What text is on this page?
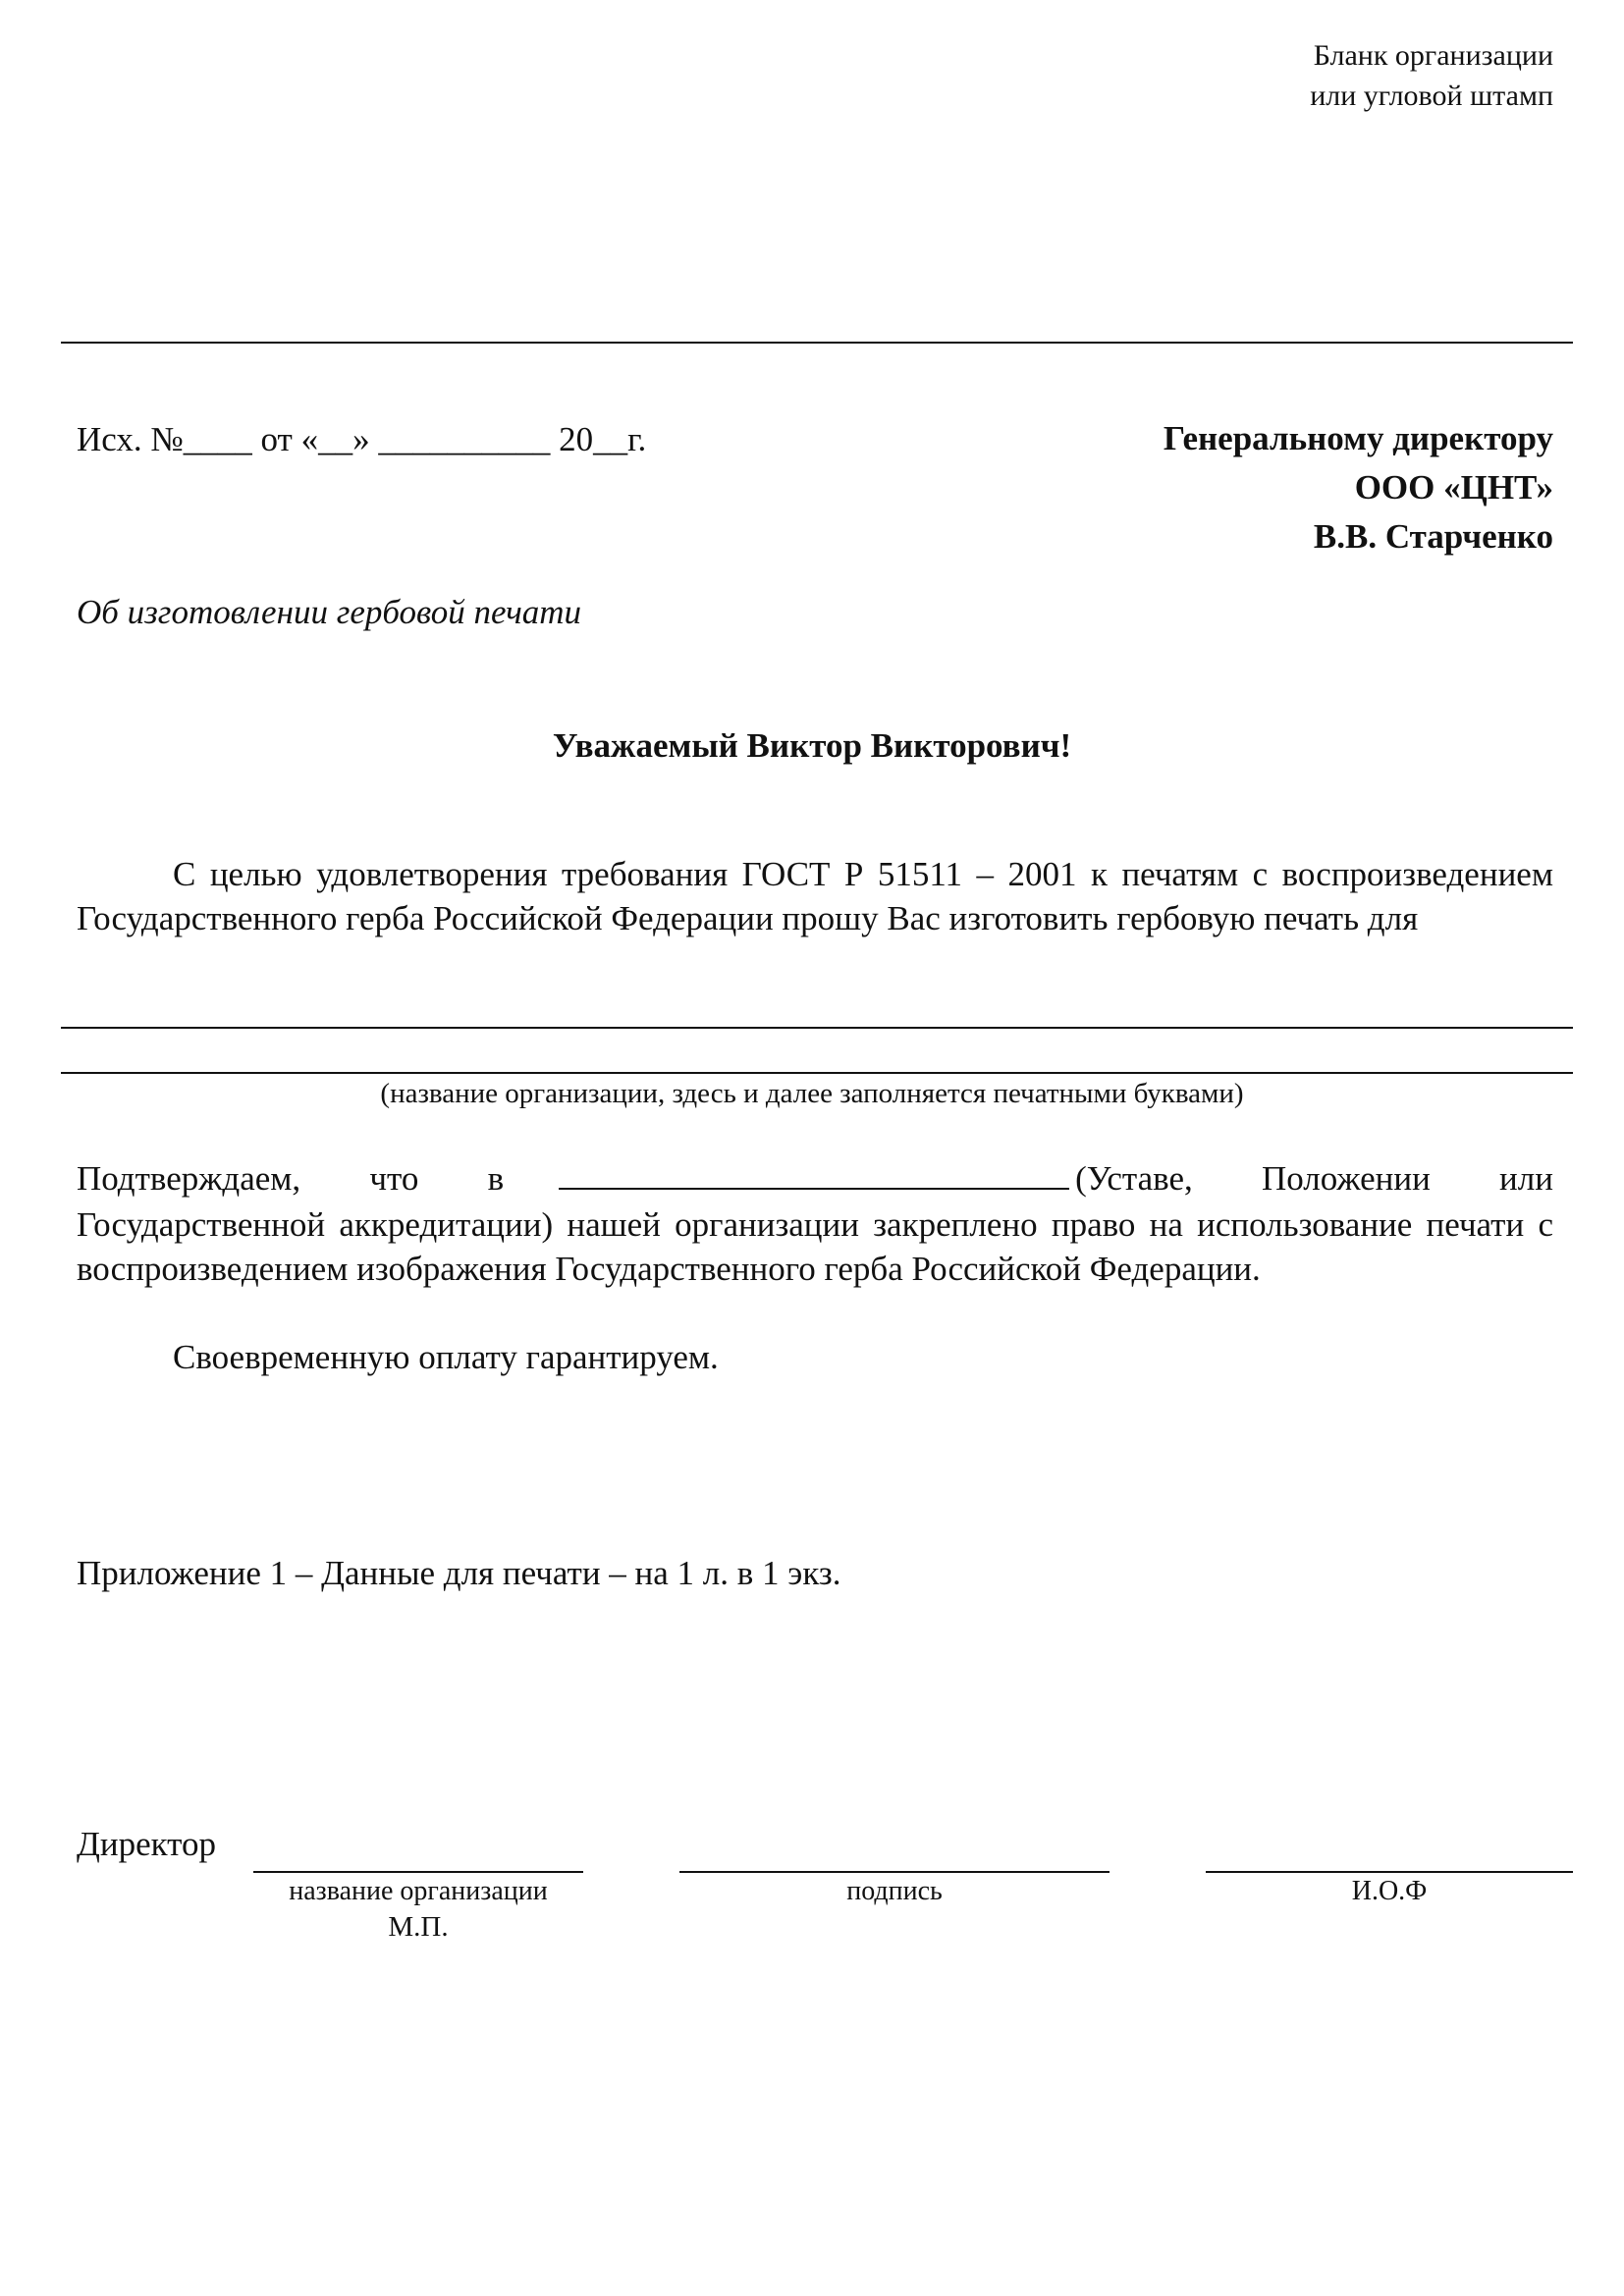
Бланк организации
или угловой штамп
Исх. №____ от «__» __________ 20__г.	Генеральному директору
ООО «ЦНТ»
В.В. Старченко
Об изготовлении гербовой печати
Уважаемый Виктор Викторович!
С целью удовлетворения требования ГОСТ Р 51511 – 2001 к печатям с воспроизведением Государственного герба Российской Федерации прошу Вас изготовить гербовую печать для
(название организации, здесь и далее заполняется печатными буквами)
Подтверждаем, что в	(Уставе, Положении или
Государственной аккредитации) нашей организации закреплено право на использование печати с воспроизведением изображения Государственного герба Российской Федерации.
Своевременную оплату гарантируем.
Приложение 1 – Данные для печати – на 1 л. в 1 экз.
Директор
название организации	подпись	И.О.Ф
М.П.
